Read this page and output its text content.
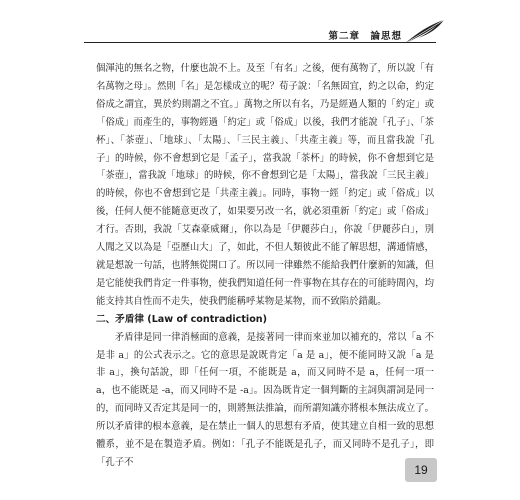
第二章　論思想

個渾沌的無名之物，什麼也說不上。及至「有名」之後，便有萬物了，所以說「有名萬物之母」。然則「名」是怎樣成立的呢？荀子說：「名無固宜，約之以命，約定俗成之謂宜，異於約則謂之不宜。」萬物之所以有名，乃是經過人類的「約定」或「俗成」而產生的，事物經過「約定」或「俗成」以後，我們才能說「孔子」、「茶杯」、「茶壺」、「地球」、「太陽」、「三民主義」、「共產主義」等，而且當我說「孔子」的時候，你不會想到它是「孟子」，當我說「茶杯」的時候，你不會想到它是「茶壺」，當我說「地球」的時候，你不會想到它是「太陽」，當我說「三民主義」的時候，你也不會想到它是「共產主義」。同時，事物一經「約定」或「俗成」以後，任何人便不能隨意更改了，如果要另改一名，就必須重新「約定」或「俗成」才行。否則，我說「艾森豪威爾」，你以為是「伊麗莎白」，你說「伊麗莎白」，別人聞之又以為是「亞歷山大」了，如此，不但人類彼此不能了解思想，溝通情感，就是想說一句話，也將無從開口了。所以同一律雖然不能給我們什麼新的知識，但是它能使我們肯定一件事物，使我們知道任何一件事物在其存在的可能時間內，均能支持其自性而不走失，使我們能稱呼某物是某物，而不致陷於錯亂。

二、矛盾律 (Law of contradiction)

矛盾律是同一律消極面的意義，是接著同一律而來並加以補充的，常以「a 不是非 a」的公式表示之。它的意思是說既肯定「a 是 a」，便不能同時又說「a 是非 a」，換句話說，即「任何一項，不能既是 a，而又同時不是 a，任何一項一 a，也不能既是 -a，而又同時不是 -a」。因為既肯定一個判斷的主詞與謂詞是同一的，而同時又否定其是同一的，則將無法推論，而所謂知識亦將根本無法成立了。所以矛盾律的根本意義，是在禁止一個人的思想有矛盾，使其建立自相一致的思想體系，並不是在製造矛盾。例如：「孔子不能既是孔子，而又同時不是孔子」，即「孔子不

19
